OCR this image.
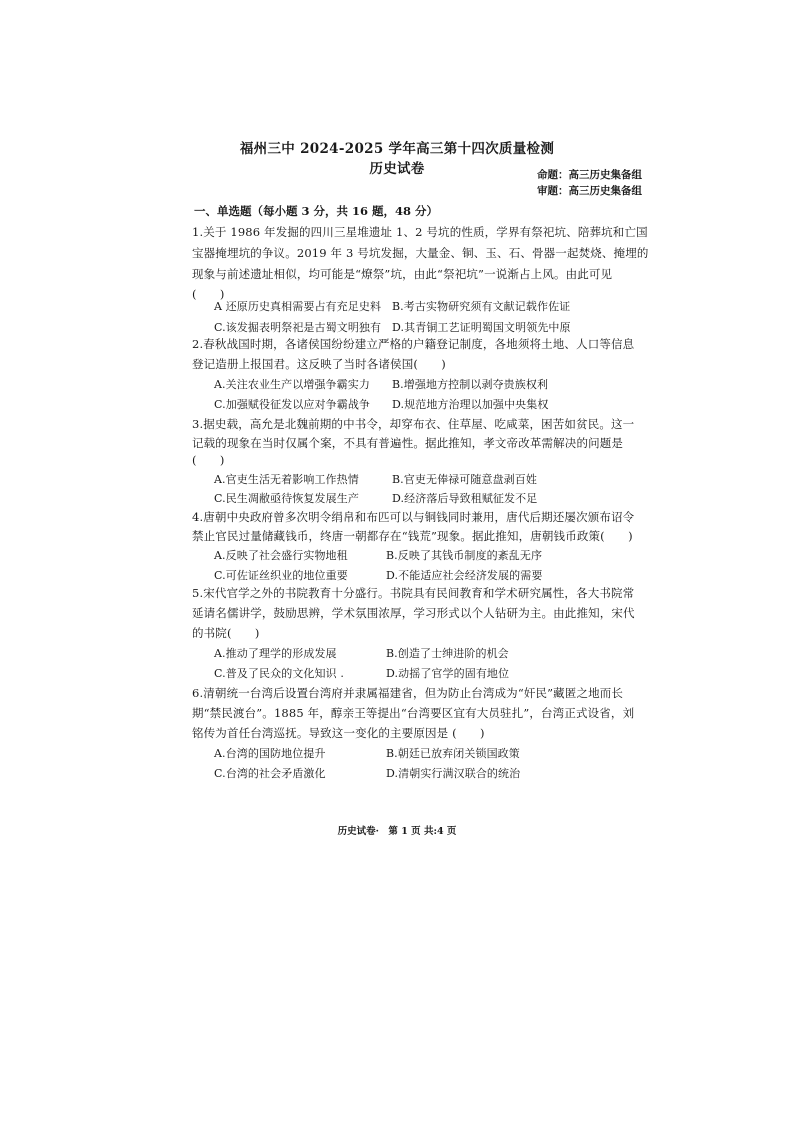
福州三中 2024-2025 学年高三第十四次质量检测
历史试卷	命题：高三历史集备组
审题：高三历史集备组
一、单选题（每小题 3 分，共 16 题，48 分）
1.关于 1986 年发掘的四川三星堆遗址 1、2 号坑的性质，学界有祭祀坑、陪葬坑和亡国
宝器掩埋坑的争议。2019 年 3 号坑发掘，大量金、铜、玉、石、骨器一起焚烧、掩埋的
现象与前述遗址相似，均可能是“燎祭”坑，由此“祭祀坑”一说渐占上风。由此可见
(　　)
A 还原历史真相需要占有充足史料 B.考古实物研究须有文献记载作佐证
C.该发掘表明祭祀是古蜀文明独有 D.其青铜工艺证明蜀国文明领先中原
2.春秋战国时期，各诸侯国纷纷建立严格的户籍登记制度，各地须将土地、人口等信息
登记造册上报国君。这反映了当时各诸侯国(　　)
A.关注农业生产以增强争霸实力 B.增强地方控制以剥夺贵族权利
C.加强赋役征发以应对争霸战争 D.规范地方治理以加强中央集权
3.据史载，高允是北魏前期的中书令，却穿布衣、住草屋、吃咸菜，困苦如贫民。这一
记载的现象在当时仅属个案，不具有普遍性。据此推知，孝文帝改革需解决的问题是
(　　)
A.官吏生活无着影响工作热情	B.官吏无俸禄可随意盘剥百姓
C.民生凋敝亟待恢复发展生产	D.经济落后导致租赋征发不足
4.唐朝中央政府曾多次明令绢帛和布匹可以与铜钱同时兼用，唐代后期还屡次颁布诏令
禁止官民过量储藏钱币，终唐一朝都存在“钱荒”现象。据此推知，唐朝钱币政策(　　)
A.反映了社会盛行实物地租	B.反映了其钱币制度的紊乱无序
C.可佐证丝织业的地位重要	D.不能适应社会经济发展的需要
5.宋代官学之外的书院教育十分盛行。书院具有民间教育和学术研究属性，各大书院常
延请名儒讲学，鼓励思辨，学术氛围浓厚，学习形式以个人钻研为主。由此推知，宋代
的书院(　　)
A.推动了理学的形成发展	B.创造了士绅进阶的机会
C.普及了民众的文化知识 .	D.动摇了官学的固有地位
6.清朝统一台湾后设置台湾府并隶属福建省，但为防止台湾成为“奸民”藏匿之地而长
期“禁民渡台”。1885 年，醇亲王等提出“台湾要区宜有大员驻扎”，台湾正式设省，刘
铭传为首任台湾巡抚。导致这一变化的主要原因是 (　　)
A.台湾的国防地位提升	B.朝廷已放弃闭关锁国政策
C.台湾的社会矛盾激化	D.清朝实行满汉联合的统治
历史试卷·　第 1 页 共:4 页
